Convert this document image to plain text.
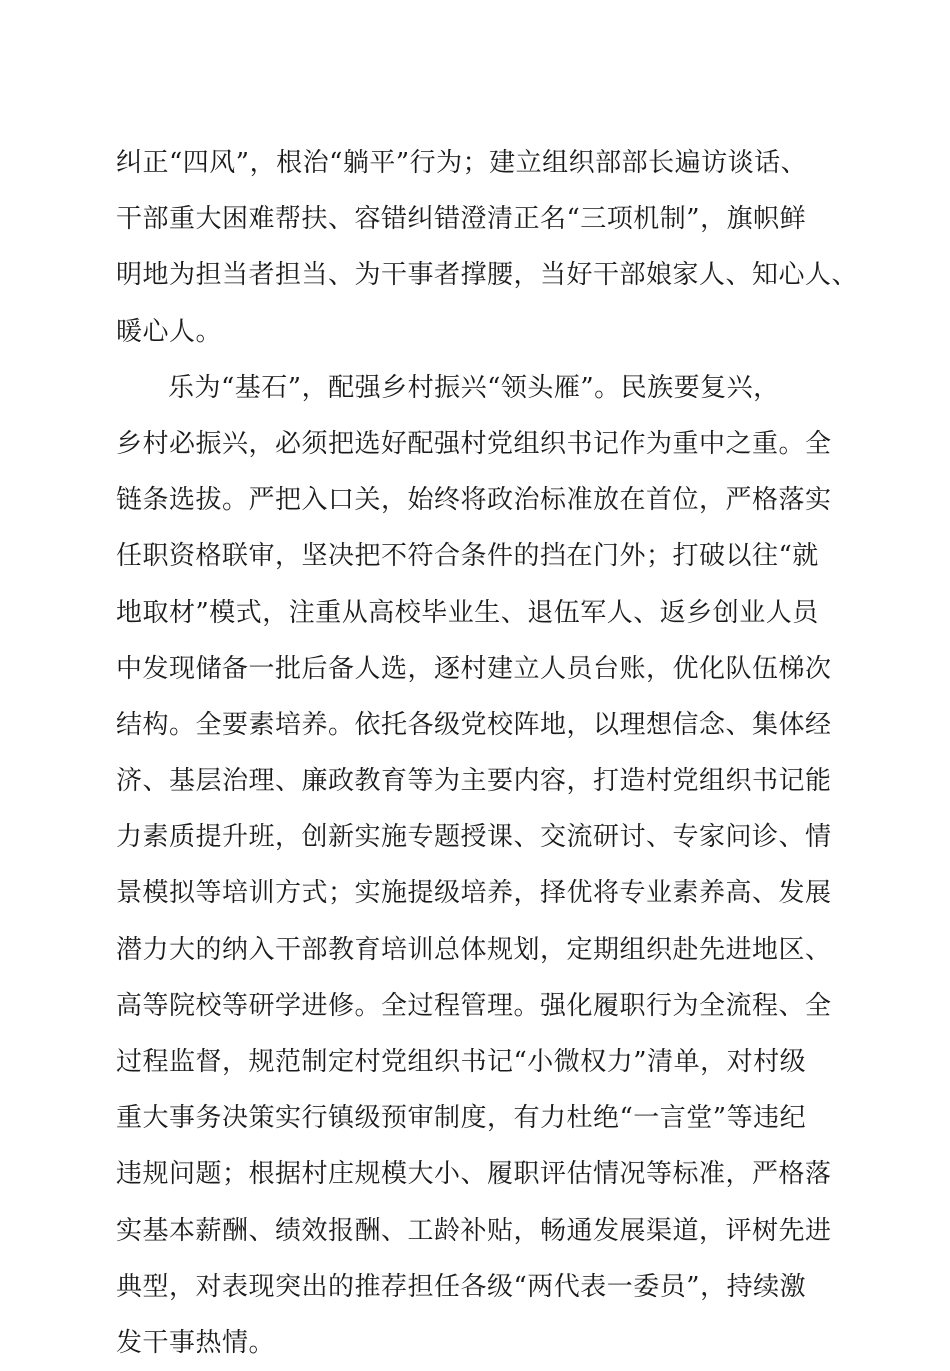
纠正“四风”，根治“躺平”行为；建立组织部部长遍访谈话、
干部重大困难帮扶、容错纠错澄清正名“三项机制”，旗帜鲜
明地为担当者担当、为干事者撑腰，当好干部娘家人、知心人、
暖心人。
乐为“基石”，配强乡村振兴“领头雁”。民族要复兴，
乡村必振兴，必须把选好配强村党组织书记作为重中之重。全
链条选拔。严把入口关，始终将政治标准放在首位，严格落实
任职资格联审，坚决把不符合条件的挡在门外；打破以往“就
地取材”模式，注重从高校毕业生、退伍军人、返乡创业人员
中发现储备一批后备人选，逐村建立人员台账，优化队伍梯次
结构。全要素培养。依托各级党校阵地，以理想信念、集体经
济、基层治理、廉政教育等为主要内容，打造村党组织书记能
力素质提升班，创新实施专题授课、交流研讨、专家问诊、情
景模拟等培训方式；实施提级培养，择优将专业素养高、发展
潜力大的纳入干部教育培训总体规划，定期组织赴先进地区、
高等院校等研学进修。全过程管理。强化履职行为全流程、全
过程监督，规范制定村党组织书记“小微权力”清单，对村级
重大事务决策实行镇级预审制度，有力杜绝“一言堂”等违纪
违规问题；根据村庄规模大小、履职评估情况等标准，严格落
实基本薪酬、绩效报酬、工龄补贴，畅通发展渠道，评树先进
典型，对表现突出的推荐担任各级“两代表一委员”，持续激
发干事热情。
